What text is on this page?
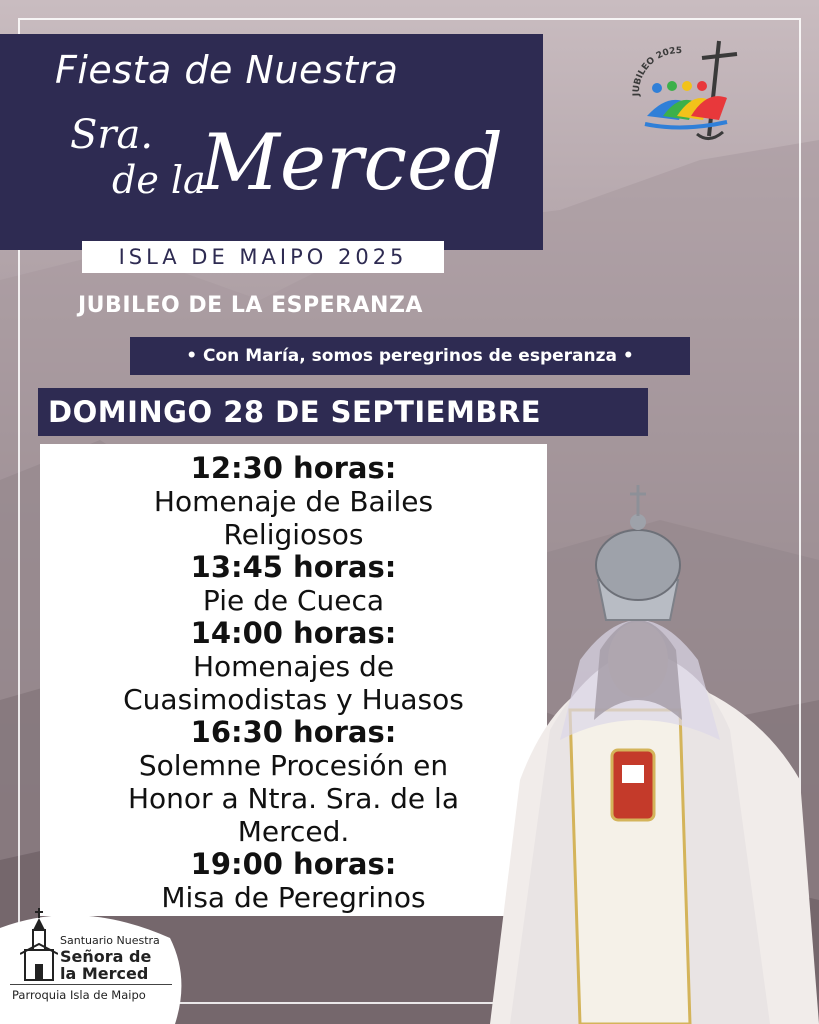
Fiesta de Nuestra
Sra.
de la
Merced
ISLA DE MAIPO 2025
JUBILEO DE LA ESPERANZA
• Con María, somos peregrinos de esperanza •
DOMINGO 28 DE SEPTIEMBRE
12:30 horas:
Homenaje de Bailes
Religiosos
13:45 horas:
Pie de Cueca
14:00 horas:
Homenajes de
Cuasimodistas y Huasos
16:30 horas:
Solemne Procesión en
Honor a Ntra. Sra. de la
Merced.
19:00 horas:
Misa de Peregrinos
JUBILEO 2025
Santuario Nuestra
Señora de
la Merced
Parroquia Isla de Maipo
